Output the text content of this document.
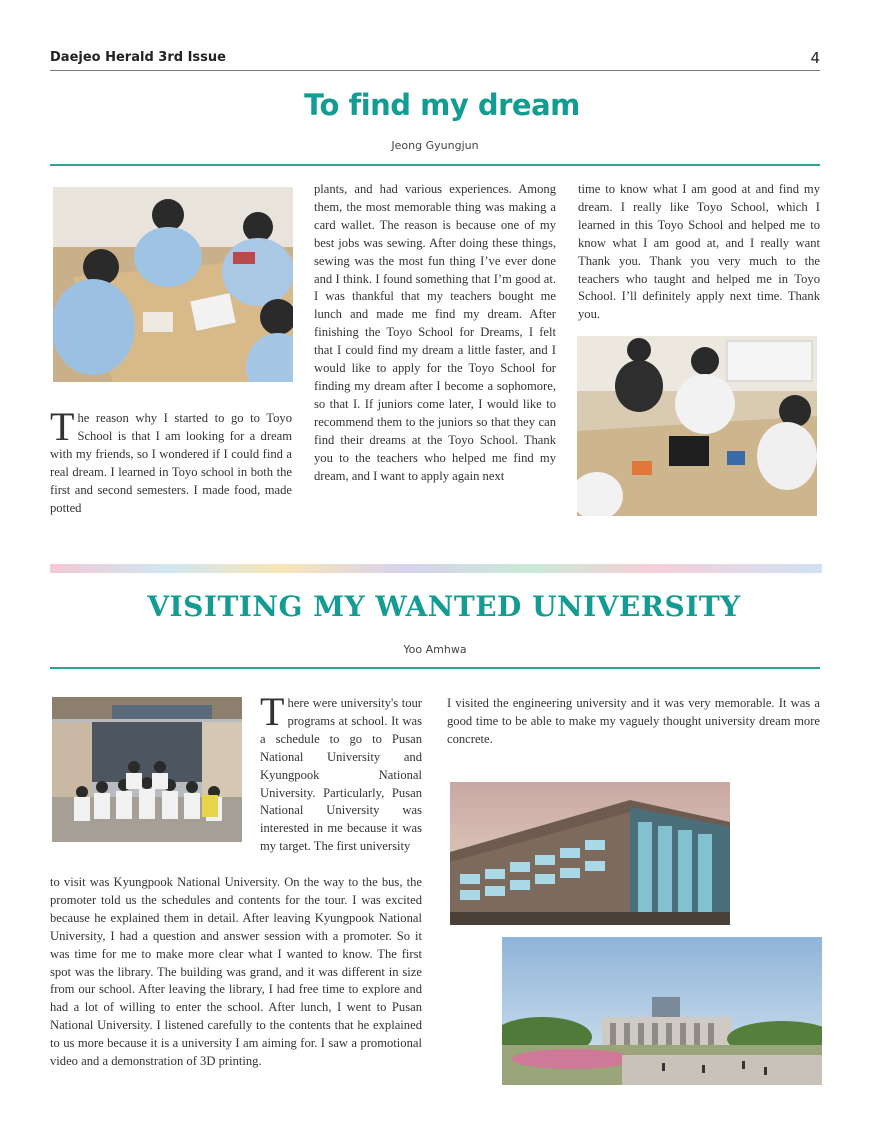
Daejeo Herald 3rd Issue	4
To find my dream
Jeong Gyungjun

The reason why I started to go to Toyo School is that I am looking for a dream with my friends, so I wondered if I could find a real dream. I learned in Toyo school in both the first and second semesters. I made food, made potted

plants, and had various experiences. Among them, the most memorable thing was making a card wallet. The reason is because one of my best jobs was sewing. After doing these things, sewing was the most fun thing I’ve ever done and I think. I found something that I’m good at. I was thankful that my teachers bought me lunch and made me find my dream. After finishing the Toyo School for Dreams, I felt that I could find my dream a little faster, and I would like to apply for the Toyo School for finding my dream after I become a sophomore, so that I. If juniors come later, I would like to recommend them to the juniors so that they can find their dreams at the Toyo School. Thank you to the teachers who helped me find my dream, and I want to apply again next

time to know what I am good at and find my dream. I really like Toyo School, which I learned in this Toyo School and helped me to know what I am good at, and I really want Thank you. Thank you very much to the teachers who taught and helped me in Toyo School. I’ll definitely apply next time. Thank you.

VISITING MY WANTED UNIVERSITY
Yoo Amhwa

There were university's tour programs at school. It was a schedule to go to Pusan National University and Kyungpook National University. Particularly, Pusan National University was interested in me because it was my target. The first university

to visit was Kyungpook National University. On the way to the bus, the promoter told us the schedules and contents for the tour. I was excited because he explained them in detail. After leaving Kyungpook National University, I had a question and answer session with a promoter. So it was time for me to make more clear what I wanted to know. The first spot was the library. The building was grand, and it was different in size from our school. After leaving the library, I had free time to explore and had a lot of willing to enter the school. After lunch, I went to Pusan National University. I listened carefully to the contents that he explained to us more because it is a university I am aiming for. I saw a promotional video and a demonstration of 3D printing.

I visited the engineering university and it was very memorable. It was a good time to be able to make my vaguely thought university dream more concrete.
